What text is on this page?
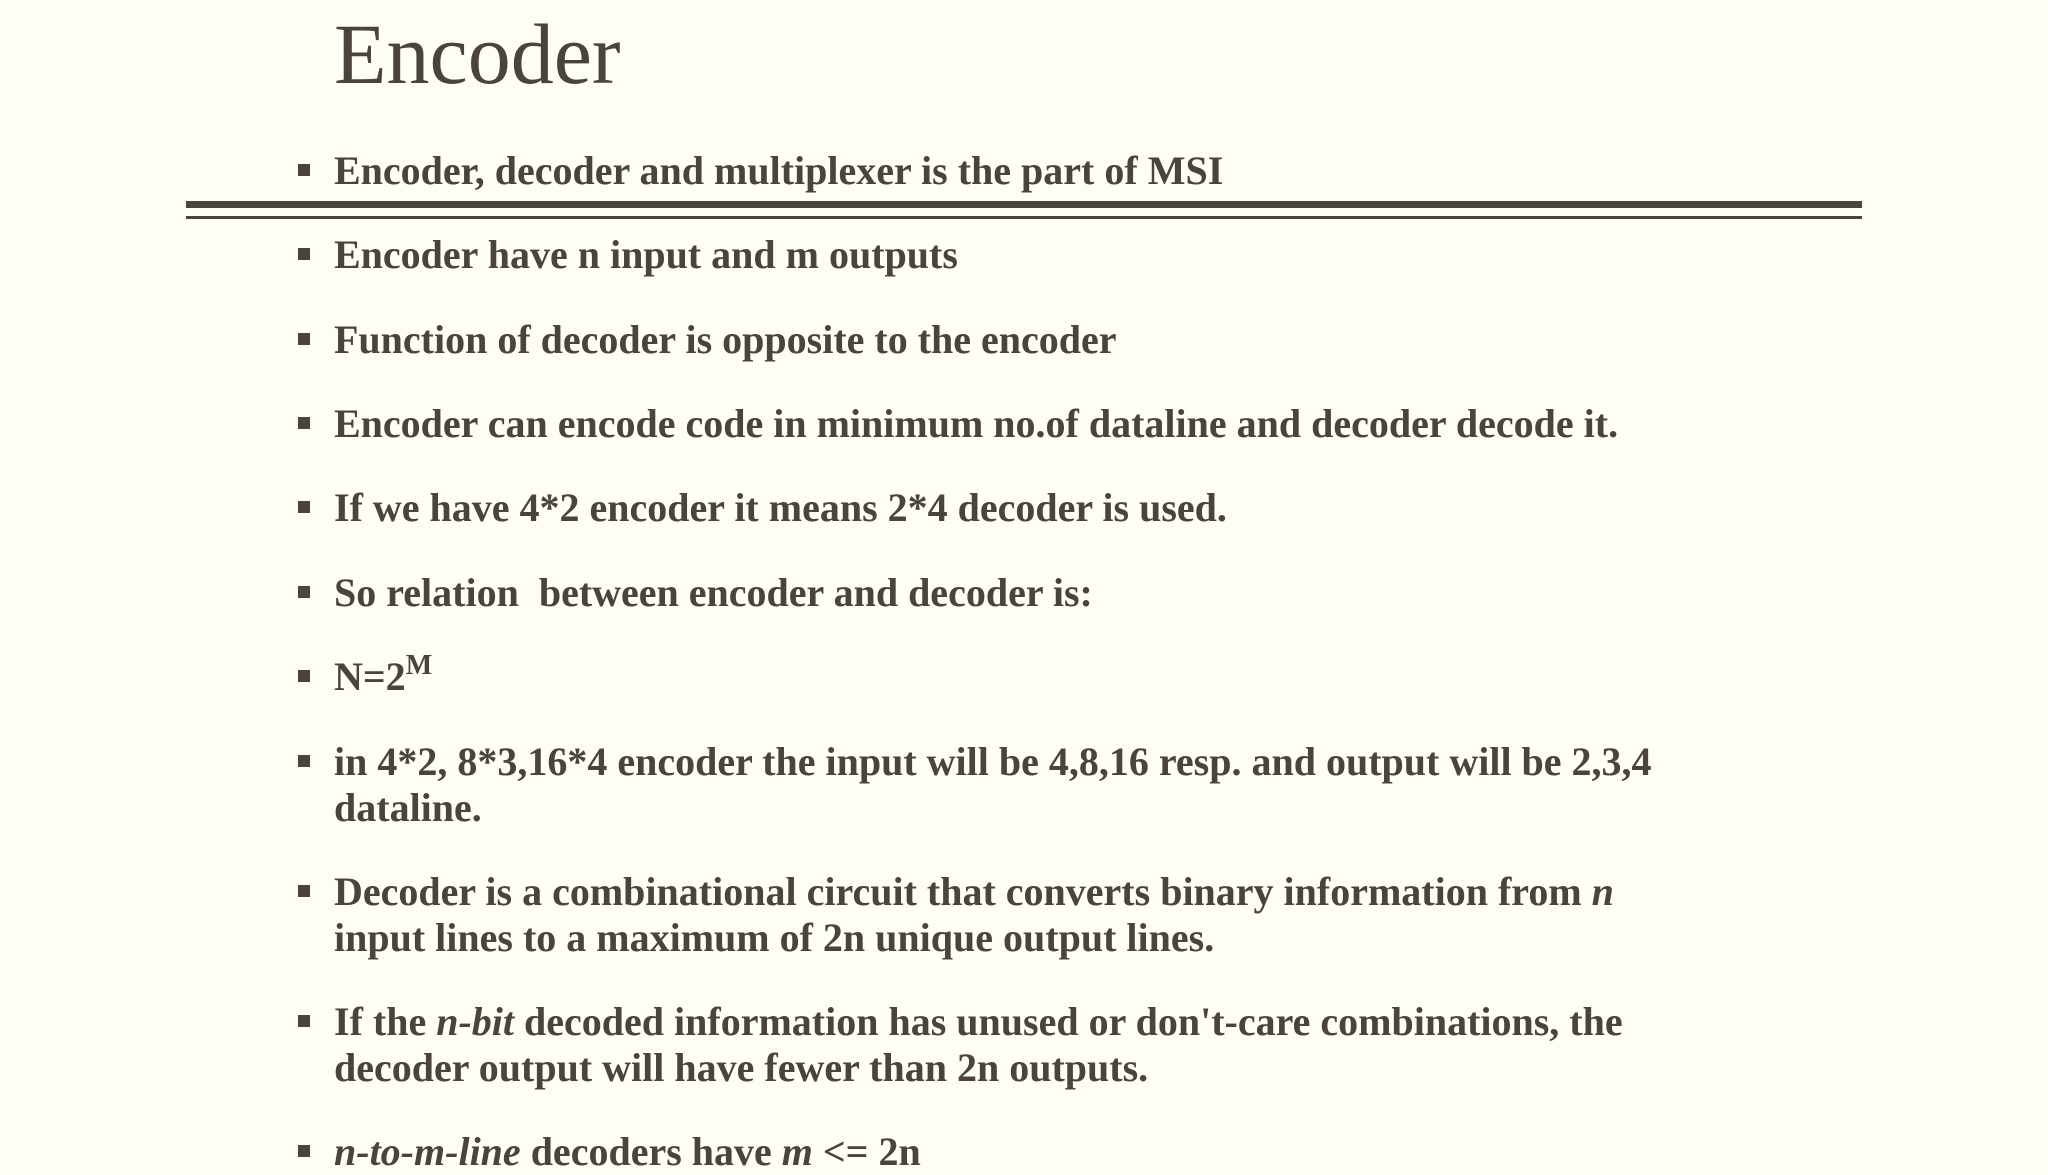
Encoder
Encoder, decoder and multiplexer is the part of MSI
Encoder have n input and m outputs
Function of decoder is opposite to the encoder
Encoder can encode code in minimum no.of dataline and decoder decode it.
If we have 4*2 encoder it means 2*4 decoder is used.
So relation  between encoder and decoder is:
$N=2^M$
in 4*2, 8*3,16*4 encoder the input will be 4,8,16 resp. and output will be 2,3,4
dataline.
Decoder is a combinational circuit that converts binary information from n
input lines to a maximum of 2n unique output lines.
If the n-bit decoded information has unused or don't-care combinations, the
decoder output will have fewer than 2n outputs.
n-to-m-line decoders have m <= 2n
